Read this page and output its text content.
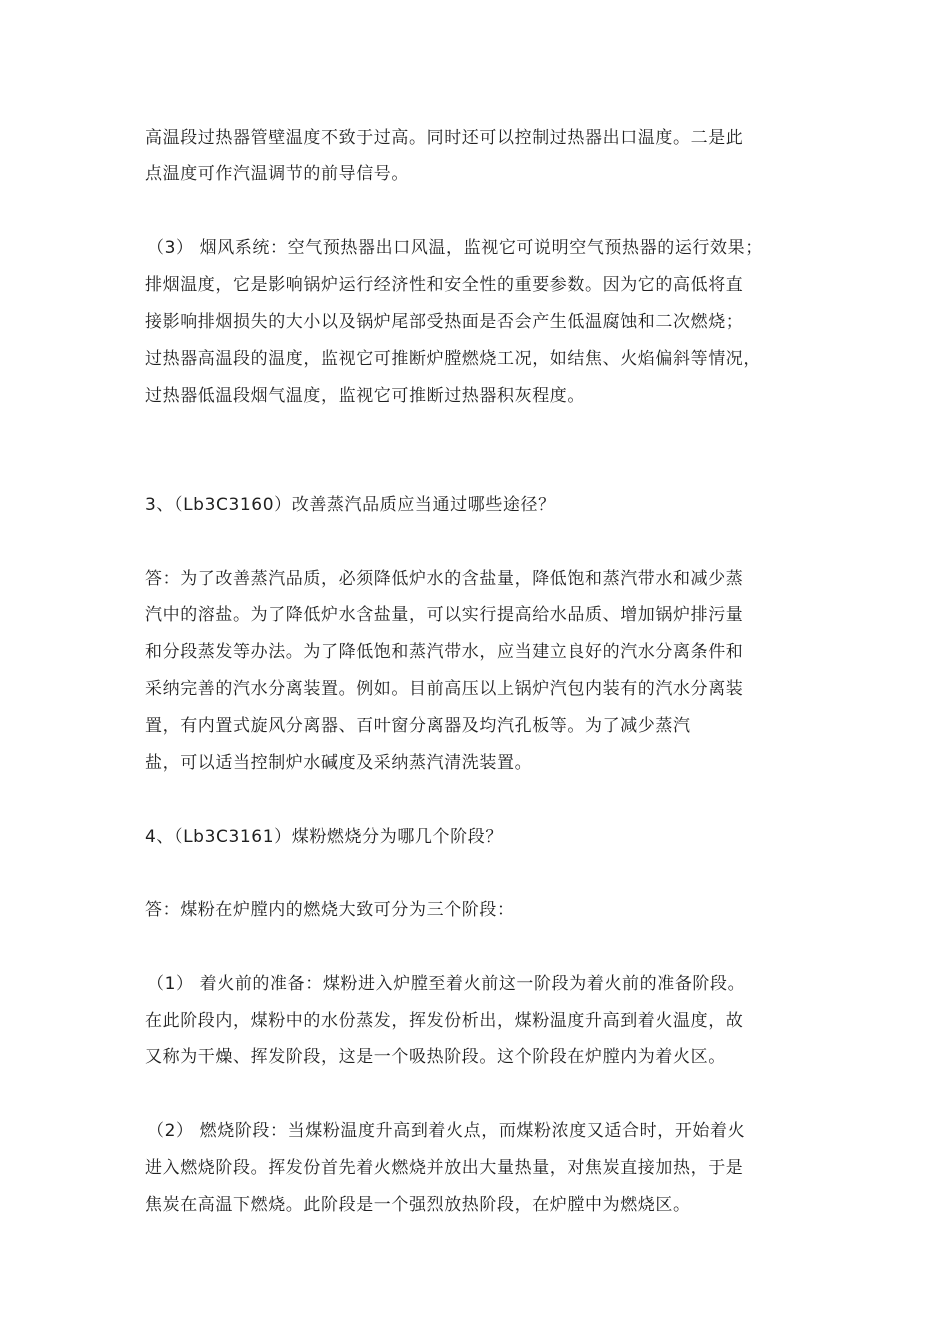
高温段过热器管壁温度不致于过高。同时还可以控制过热器出口温度。二是此
点温度可作汽温调节的前导信号。
（3） 烟风系统：空气预热器出口风温，监视它可说明空气预热器的运行效果；
排烟温度，它是影响锅炉运行经济性和安全性的重要参数。因为它的高低将直
接影响排烟损失的大小以及锅炉尾部受热面是否会产生低温腐蚀和二次燃烧；
过热器高温段的温度，监视它可推断炉膛燃烧工况，如结焦、火焰偏斜等情况，
过热器低温段烟气温度，监视它可推断过热器积灰程度。
3、（Lb3C3160）改善蒸汽品质应当通过哪些途径？
答：为了改善蒸汽品质，必须降低炉水的含盐量，降低饱和蒸汽带水和减少蒸
汽中的溶盐。为了降低炉水含盐量，可以实行提高给水品质、增加锅炉排污量
和分段蒸发等办法。为了降低饱和蒸汽带水，应当建立良好的汽水分离条件和
采纳完善的汽水分离装置。例如。目前高压以上锅炉汽包内装有的汽水分离装
置，有内置式旋风分离器、百叶窗分离器及均汽孔板等。为了减少蒸汽
盐，可以适当控制炉水碱度及采纳蒸汽清洗装置。
4、（Lb3C3161）煤粉燃烧分为哪几个阶段？
答：煤粉在炉膛内的燃烧大致可分为三个阶段：
（1） 着火前的准备：煤粉进入炉膛至着火前这一阶段为着火前的准备阶段。
在此阶段内，煤粉中的水份蒸发，挥发份析出，煤粉温度升高到着火温度，故
又称为干燥、挥发阶段，这是一个吸热阶段。这个阶段在炉膛内为着火区。
（2） 燃烧阶段：当煤粉温度升高到着火点，而煤粉浓度又适合时，开始着火
进入燃烧阶段。挥发份首先着火燃烧并放出大量热量，对焦炭直接加热，于是
焦炭在高温下燃烧。此阶段是一个强烈放热阶段，在炉膛中为燃烧区。
